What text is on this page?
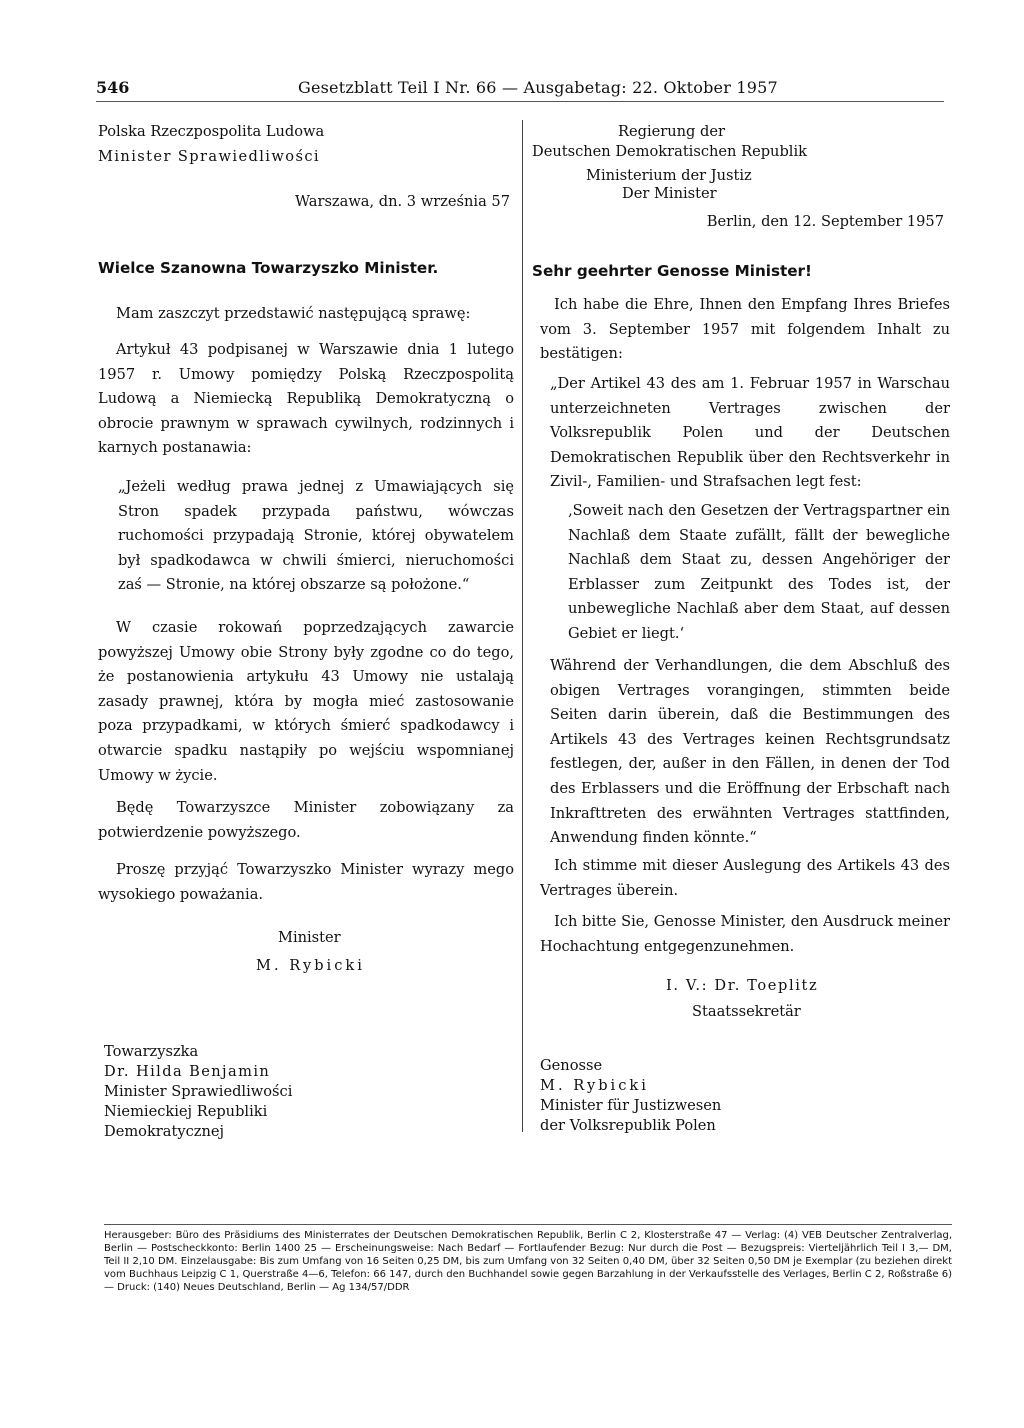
546	Gesetzblatt Teil I Nr. 66 — Ausgabetag: 22. Oktober 1957
Polska Rzeczpospolita Ludowa
Minister Sprawiedliwości
Warszawa, dn. 3 września 57
Wielce Szanowna Towarzyszko Minister.
Mam zaszczyt przedstawić następującą sprawę:
Artykuł 43 podpisanej w Warszawie dnia 1 lutego 1957 r. Umowy pomiędzy Polską Rzeczpospolitą Ludową a Niemiecką Republiką Demokratyczną o obrocie prawnym w sprawach cywilnych, rodzinnych i karnych postanawia:
„Jeżeli według prawa jednej z Umawiających się Stron spadek przypada państwu, wówczas ruchomości przypadają Stronie, której obywatelem był spadkodawca w chwili śmierci, nieruchomości zaś — Stronie, na której obszarze są położone.“
W czasie rokowań poprzedzających zawarcie powyższej Umowy obie Strony były zgodne co do tego, że postanowienia artykułu 43 Umowy nie ustalają zasady prawnej, która by mogła mieć zastosowanie poza przypadkami, w których śmierć spadkodawcy i otwarcie spadku nastąpiły po wejściu wspomnianej Umowy w życie.
Będę Towarzyszce Minister zobowiązany za potwierdzenie powyższego.
Proszę przyjąć Towarzyszko Minister wyrazy mego wysokiego poważania.
Minister
M. Rybicki
Towarzyszka
Dr. Hilda Benjamin
Minister Sprawiedliwości
Niemieckiej Republiki
Demokratycznej
Regierung der
Deutschen Demokratischen Republik
Ministerium der Justiz
Der Minister
Berlin, den 12. September 1957
Sehr geehrter Genosse Minister!
Ich habe die Ehre, Ihnen den Empfang Ihres Briefes vom 3. September 1957 mit folgendem Inhalt zu bestätigen:
„Der Artikel 43 des am 1. Februar 1957 in Warschau unterzeichneten Vertrages zwischen der Volksrepublik Polen und der Deutschen Demokratischen Republik über den Rechtsverkehr in Zivil-, Familien- und Strafsachen legt fest:
‚Soweit nach den Gesetzen der Vertragspartner ein Nachlaß dem Staate zufällt, fällt der bewegliche Nachlaß dem Staat zu, dessen Angehöriger der Erblasser zum Zeitpunkt des Todes ist, der unbewegliche Nachlaß aber dem Staat, auf dessen Gebiet er liegt.‘
Während der Verhandlungen, die dem Abschluß des obigen Vertrages vorangingen, stimmten beide Seiten darin überein, daß die Bestimmungen des Artikels 43 des Vertrages keinen Rechtsgrundsatz festlegen, der, außer in den Fällen, in denen der Tod des Erblassers und die Eröffnung der Erbschaft nach Inkrafttreten des erwähnten Vertrages stattfinden, Anwendung finden könnte.“
Ich stimme mit dieser Auslegung des Artikels 43 des Vertrages überein.
Ich bitte Sie, Genosse Minister, den Ausdruck meiner Hochachtung entgegenzunehmen.
I. V.: Dr. Toeplitz
Staatssekretär
Genosse
M. Rybicki
Minister für Justizwesen
der Volksrepublik Polen
Herausgeber: Büro des Präsidiums des Ministerrates der Deutschen Demokratischen Republik, Berlin C 2, Klosterstraße 47 — Verlag: (4) VEB Deutscher Zentralverlag, Berlin — Postscheckkonto: Berlin 1400 25 — Erscheinungsweise: Nach Bedarf — Fortlaufender Bezug: Nur durch die Post — Bezugspreis: Vierteljährlich Teil I 3,— DM, Teil II 2,10 DM. Einzelausgabe: Bis zum Umfang von 16 Seiten 0,25 DM, bis zum Umfang von 32 Seiten 0,40 DM, über 32 Seiten 0,50 DM je Exemplar (zu beziehen direkt vom Buchhaus Leipzig C 1, Querstraße 4—6, Telefon: 66 147, durch den Buchhandel sowie gegen Barzahlung in der Verkaufsstelle des Verlages, Berlin C 2, Roßstraße 6) — Druck: (140) Neues Deutschland, Berlin — Ag 134/57/DDR
